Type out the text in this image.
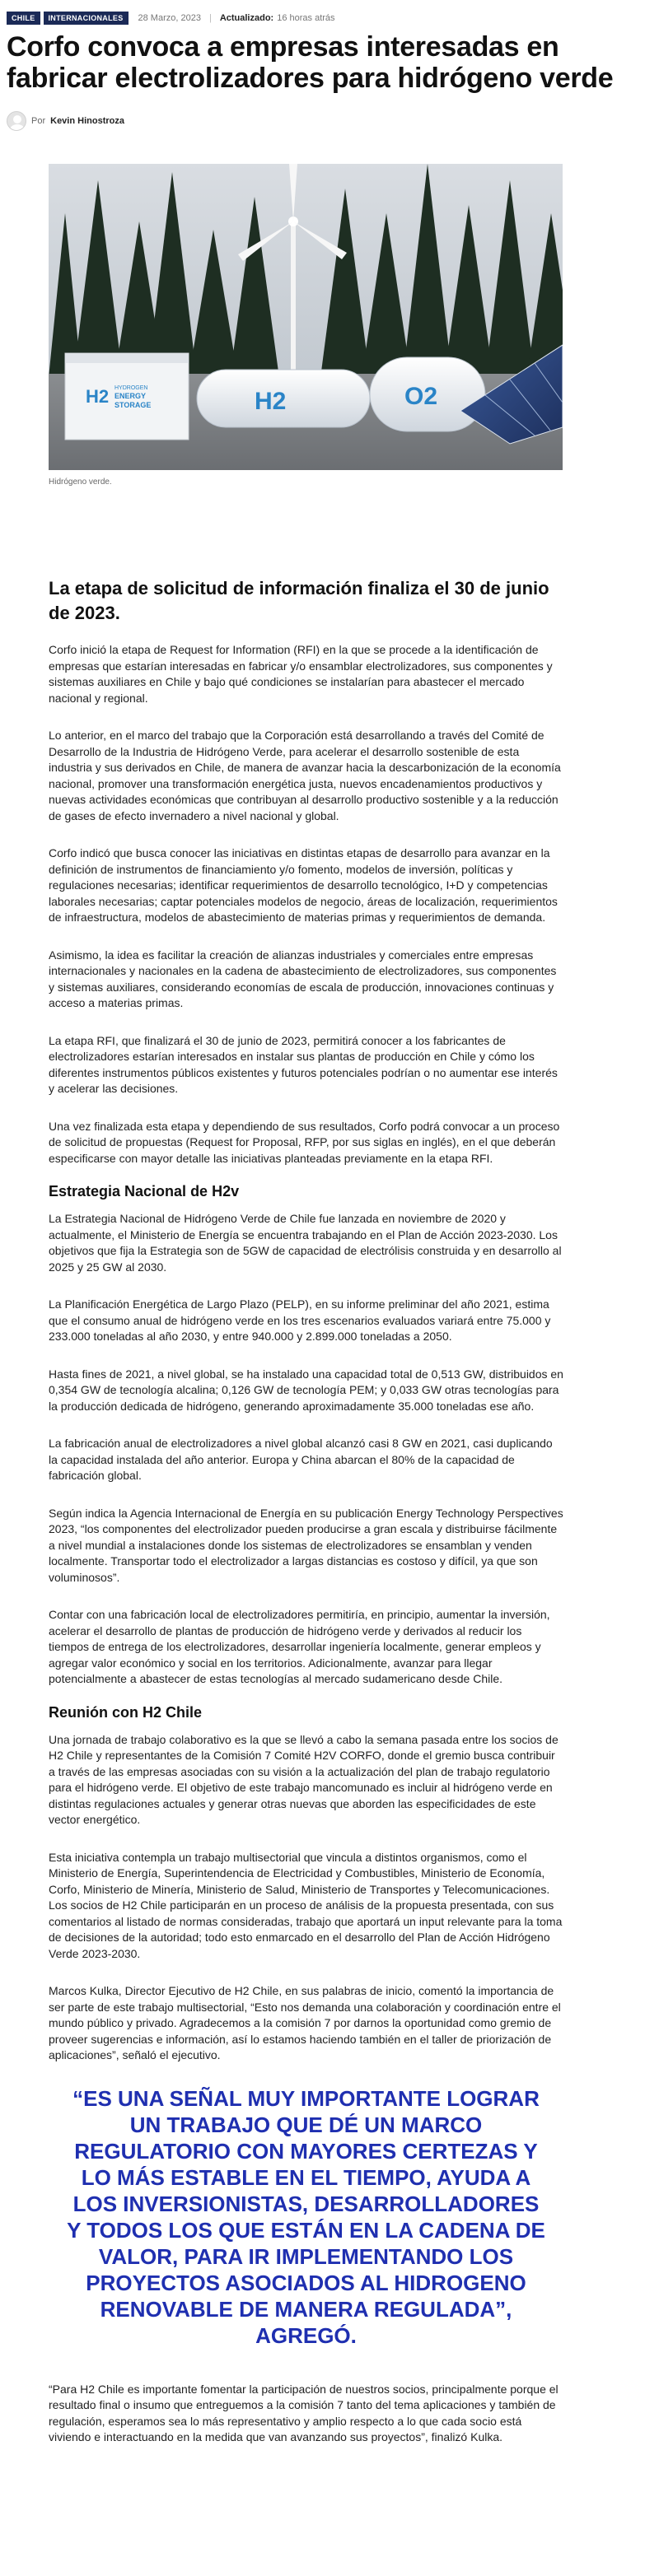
CHILE	INTERNACIONALES	28 Marzo, 2023 | Actualizado: 16 horas atrás
Corfo convoca a empresas interesadas en fabricar electrolizadores para hidrógeno verde
Por Kevin Hinostroza
H2 HYDROGEN
ENERGY
STORAGE	H2	O2
Hidrógeno verde.
La etapa de solicitud de información finaliza el 30 de junio de 2023.

Corfo inició la etapa de Request for Information (RFI) en la que se procede a la identificación de empresas que estarían interesadas en fabricar y/o ensamblar electrolizadores, sus componentes y sistemas auxiliares en Chile y bajo qué condiciones se instalarían para abastecer el mercado nacional y regional.

Lo anterior, en el marco del trabajo que la Corporación está desarrollando a través del Comité de Desarrollo de la Industria de Hidrógeno Verde, para acelerar el desarrollo sostenible de esta industria y sus derivados en Chile, de manera de avanzar hacia la descarbonización de la economía nacional, promover una transformación energética justa, nuevos encadenamientos productivos y nuevas actividades económicas que contribuyan al desarrollo productivo sostenible y a la reducción de gases de efecto invernadero a nivel nacional y global.

Corfo indicó que busca conocer las iniciativas en distintas etapas de desarrollo para avanzar en la definición de instrumentos de financiamiento y/o fomento, modelos de inversión, políticas y regulaciones necesarias; identificar requerimientos de desarrollo tecnológico, I+D y competencias laborales necesarias; captar potenciales modelos de negocio, áreas de localización, requerimientos de infraestructura, modelos de abastecimiento de materias primas y requerimientos de demanda.

Asimismo, la idea es facilitar la creación de alianzas industriales y comerciales entre empresas internacionales y nacionales en la cadena de abastecimiento de electrolizadores, sus componentes y sistemas auxiliares, considerando economías de escala de producción, innovaciones continuas y acceso a materias primas.

La etapa RFI, que finalizará el 30 de junio de 2023, permitirá conocer a los fabricantes de electrolizadores estarían interesados en instalar sus plantas de producción en Chile y cómo los diferentes instrumentos públicos existentes y futuros potenciales podrían o no aumentar ese interés y acelerar las decisiones.

Una vez finalizada esta etapa y dependiendo de sus resultados, Corfo podrá convocar a un proceso de solicitud de propuestas (Request for Proposal, RFP, por sus siglas en inglés), en el que deberán especificarse con mayor detalle las iniciativas planteadas previamente en la etapa RFI.

Estrategia Nacional de H2v

La Estrategia Nacional de Hidrógeno Verde de Chile fue lanzada en noviembre de 2020 y actualmente, el Ministerio de Energía se encuentra trabajando en el Plan de Acción 2023-2030. Los objetivos que fija la Estrategia son de 5GW de capacidad de electrólisis construida y en desarrollo al 2025 y 25 GW al 2030.

La Planificación Energética de Largo Plazo (PELP), en su informe preliminar del año 2021, estima que el consumo anual de hidrógeno verde en los tres escenarios evaluados variará entre 75.000 y 233.000 toneladas al año 2030, y entre 940.000 y 2.899.000 toneladas a 2050.

Hasta fines de 2021, a nivel global, se ha instalado una capacidad total de 0,513 GW, distribuidos en 0,354 GW de tecnología alcalina; 0,126 GW de tecnología PEM; y 0,033 GW otras tecnologías para la producción dedicada de hidrógeno, generando aproximadamente 35.000 toneladas ese año.

La fabricación anual de electrolizadores a nivel global alcanzó casi 8 GW en 2021, casi duplicando la capacidad instalada del año anterior. Europa y China abarcan el 80% de la capacidad de fabricación global.

Según indica la Agencia Internacional de Energía en su publicación Energy Technology Perspectives 2023, “los componentes del electrolizador pueden producirse a gran escala y distribuirse fácilmente a nivel mundial a instalaciones donde los sistemas de electrolizadores se ensamblan y venden localmente. Transportar todo el electrolizador a largas distancias es costoso y difícil, ya que son voluminosos”.

Contar con una fabricación local de electrolizadores permitiría, en principio, aumentar la inversión, acelerar el desarrollo de plantas de producción de hidrógeno verde y derivados al reducir los tiempos de entrega de los electrolizadores, desarrollar ingeniería localmente, generar empleos y agregar valor económico y social en los territorios. Adicionalmente, avanzar para llegar potencialmente a abastecer de estas tecnologías al mercado sudamericano desde Chile.

Reunión con H2 Chile

Una jornada de trabajo colaborativo es la que se llevó a cabo la semana pasada entre los socios de H2 Chile y representantes de la Comisión 7 Comité H2V CORFO, donde el gremio busca contribuir a través de las empresas asociadas con su visión a la actualización del plan de trabajo regulatorio para el hidrógeno verde. El objetivo de este trabajo mancomunado es incluir al hidrógeno verde en distintas regulaciones actuales y generar otras nuevas que aborden las especificidades de este vector energético.

Esta iniciativa contempla un trabajo multisectorial que vincula a distintos organismos, como el Ministerio de Energía, Superintendencia de Electricidad y Combustibles, Ministerio de Economía, Corfo, Ministerio de Minería, Ministerio de Salud, Ministerio de Transportes y Telecomunicaciones. Los socios de H2 Chile participarán en un proceso de análisis de la propuesta presentada, con sus comentarios al listado de normas consideradas, trabajo que aportará un input relevante para la toma de decisiones de la autoridad; todo esto enmarcado en el desarrollo del Plan de Acción Hidrógeno Verde 2023-2030.

Marcos Kulka, Director Ejecutivo de H2 Chile, en sus palabras de inicio, comentó la importancia de ser parte de este trabajo multisectorial, “Esto nos demanda una colaboración y coordinación entre el mundo público y privado. Agradecemos a la comisión 7 por darnos la oportunidad como gremio de proveer sugerencias e información, así lo estamos haciendo también en el taller de priorización de aplicaciones”, señaló el ejecutivo.

“ES UNA SEÑAL MUY IMPORTANTE LOGRAR UN TRABAJO QUE DÉ UN MARCO REGULATORIO CON MAYORES CERTEZAS Y LO MÁS ESTABLE EN EL TIEMPO, AYUDA A LOS INVERSIONISTAS, DESARROLLADORES Y TODOS LOS QUE ESTÁN EN LA CADENA DE VALOR, PARA IR IMPLEMENTANDO LOS PROYECTOS ASOCIADOS AL HIDROGENO RENOVABLE DE MANERA REGULADA”, AGREGÓ.

“Para H2 Chile es importante fomentar la participación de nuestros socios, principalmente porque el resultado final o insumo que entreguemos a la comisión 7 tanto del tema aplicaciones y también de regulación, esperamos sea lo más representativo y amplio respecto a lo que cada socio está viviendo e interactuando en la medida que van avanzando sus proyectos”, finalizó Kulka.
